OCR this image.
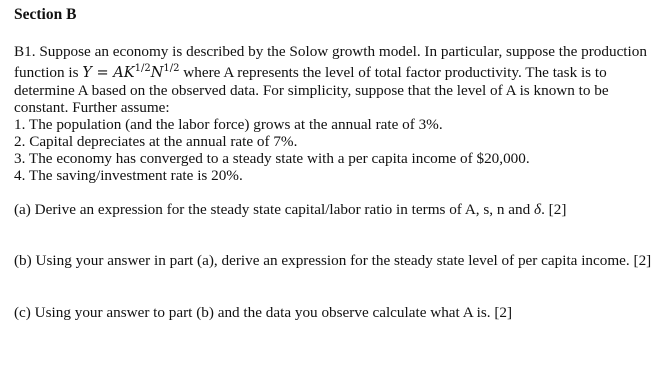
Section B

B1. Suppose an economy is described by the Solow growth model. In particular, suppose the production function is $Y = AK^{1/2}N^{1/2}$ where A represents the level of total factor productivity. The task is to determine A based on the observed data. For simplicity, suppose that the level of A is known to be constant. Further assume:

1. The population (and the labor force) grows at the annual rate of 3%.
2. Capital depreciates at the annual rate of 7%.
3. The economy has converged to a steady state with a per capita income of $20,000.
4. The saving/investment rate is 20%.
(a) Derive an expression for the steady state capital/labor ratio in terms of A, s, n and δ. [2]
(b) Using your answer in part (a), derive an expression for the steady state level of per capita income. [2]
(c) Using your answer to part (b) and the data you observe calculate what A is. [2]
